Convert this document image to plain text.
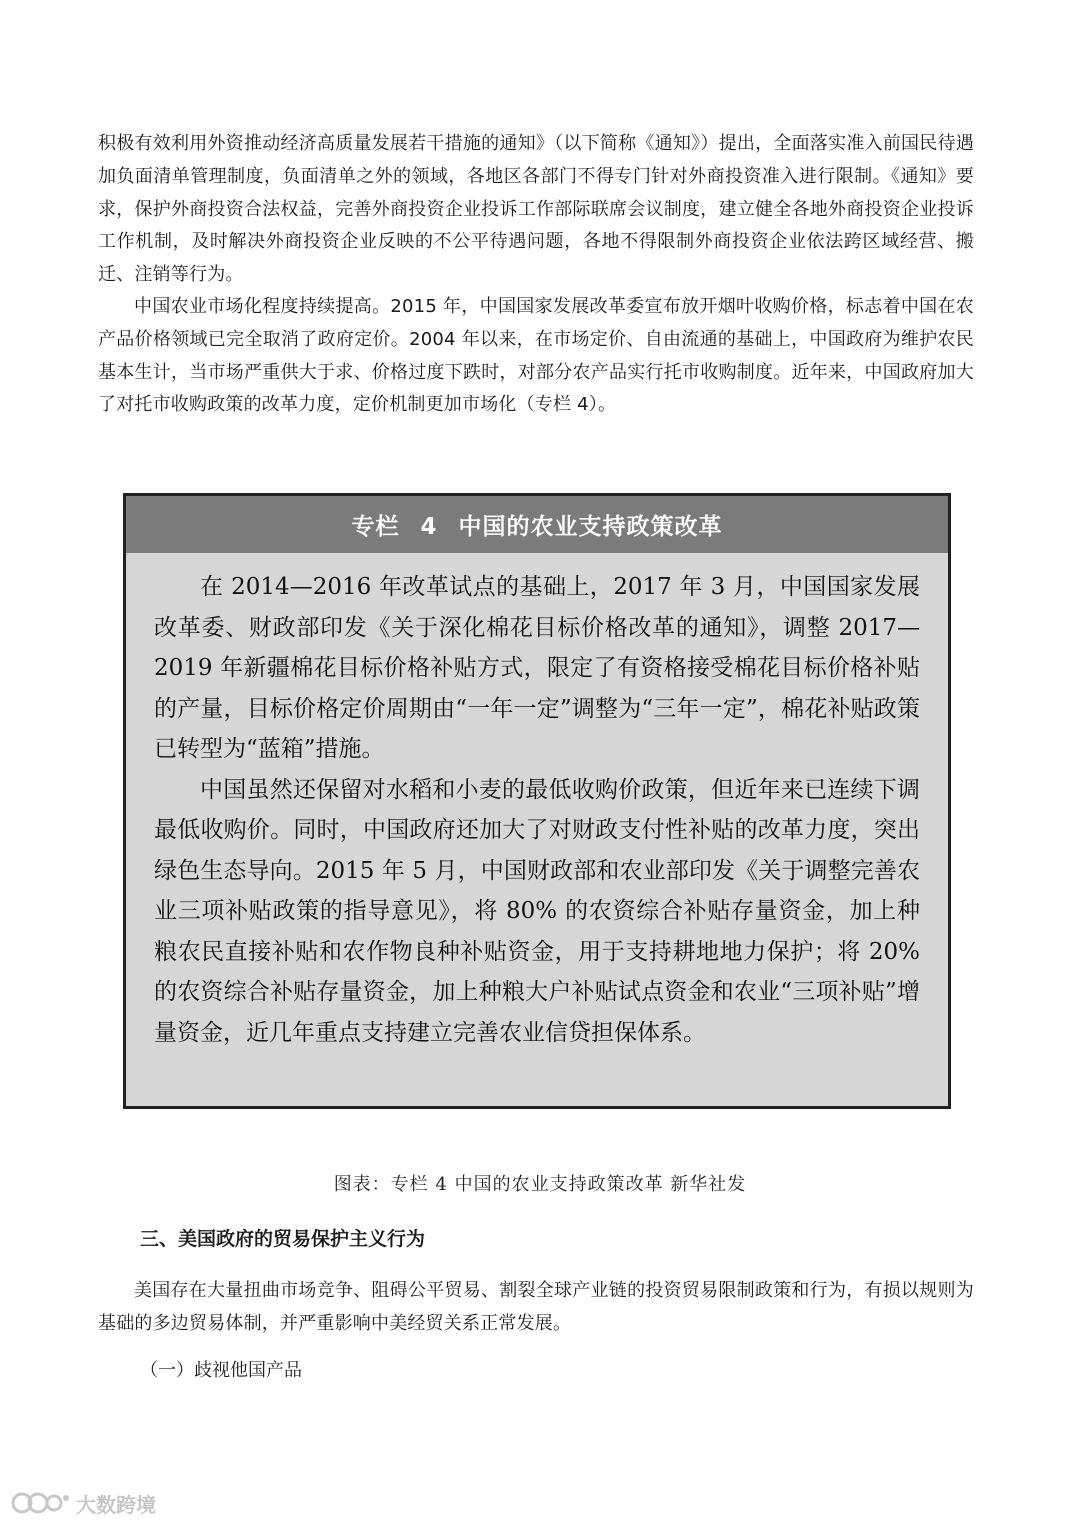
积极有效利用外资推动经济高质量发展若干措施的通知》（以下简称《通知》）提出，全面落实准入前国民待遇加负面清单管理制度，负面清单之外的领域，各地区各部门不得专门针对外商投资准入进行限制。《通知》要求，保护外商投资合法权益，完善外商投资企业投诉工作部际联席会议制度，建立健全各地外商投资企业投诉工作机制，及时解决外商投资企业反映的不公平待遇问题，各地不得限制外商投资企业依法跨区域经营、搬迁、注销等行为。

中国农业市场化程度持续提高。2015 年，中国国家发展改革委宣布放开烟叶收购价格，标志着中国在农产品价格领域已完全取消了政府定价。2004 年以来，在市场定价、自由流通的基础上，中国政府为维护农民基本生计，当市场严重供大于求、价格过度下跌时，对部分农产品实行托市收购制度。近年来，中国政府加大了对托市收购政策的改革力度，定价机制更加市场化（专栏 4）。

专栏 4 中国的农业支持政策改革

在 2014—2016 年改革试点的基础上，2017 年 3 月，中国国家发展改革委、财政部印发《关于深化棉花目标价格改革的通知》，调整 2017—2019 年新疆棉花目标价格补贴方式，限定了有资格接受棉花目标价格补贴的产量，目标价格定价周期由“一年一定”调整为“三年一定”，棉花补贴政策已转型为“蓝箱”措施。

中国虽然还保留对水稻和小麦的最低收购价政策，但近年来已连续下调最低收购价。同时，中国政府还加大了对财政支付性补贴的改革力度，突出绿色生态导向。2015 年 5 月，中国财政部和农业部印发《关于调整完善农业三项补贴政策的指导意见》，将 80% 的农资综合补贴存量资金，加上种粮农民直接补贴和农作物良种补贴资金，用于支持耕地地力保护；将 20% 的农资综合补贴存量资金，加上种粮大户补贴试点资金和农业“三项补贴”增量资金，近几年重点支持建立完善农业信贷担保体系。

图表：专栏 4 中国的农业支持政策改革 新华社发
三、美国政府的贸易保护主义行为

美国存在大量扭曲市场竞争、阻碍公平贸易、割裂全球产业链的投资贸易限制政策和行为，有损以规则为基础的多边贸易体制，并严重影响中美经贸关系正常发展。

（一）歧视他国产品
大数跨境
